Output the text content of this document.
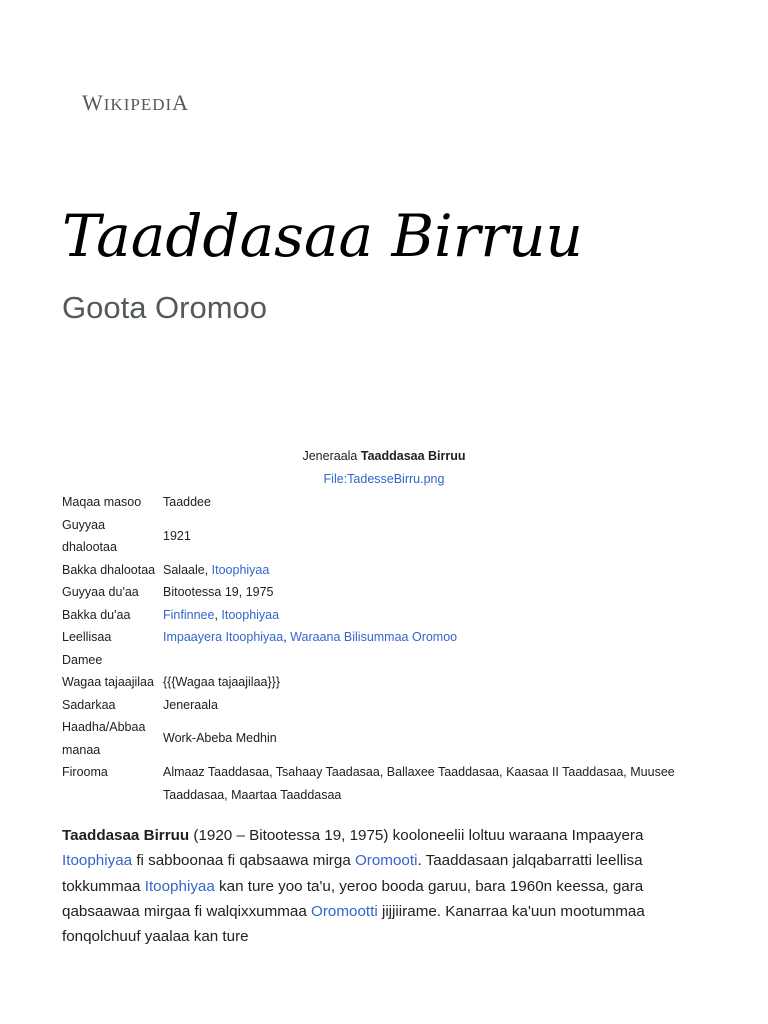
WIKIPEDIA
Taaddasaa Birruu
Goota Oromoo
Jeneraala Taaddasaa Birruu
File:TadesseBirru.png
Maqaa masoo	Taaddee
Guyyaa dhalootaa	1921
Bakka dhalootaa	Salaale, Itoophiyaa
Guyyaa du'aa	Bitootessa 19, 1975
Bakka du'aa	Finfinnee, Itoophiyaa
Leellisaa	Impaayera Itoophiyaa, Waraana Bilisummaa Oromoo
Damee	
Wagaa tajaajilaa	{{{Wagaa tajaajilaa}}}
Sadarkaa	Jeneraala
Haadha/Abbaa manaa	Work-Abeba Medhin
Firooma	Almaaz Taaddasaa, Tsahaay Taadasaa, Ballaxee Taaddasaa, Kaasaa II Taaddasaa, Muusee Taaddasaa, Maartaa Taaddasaa

Taaddasaa Birruu (1920 – Bitootessa 19, 1975) kooloneelii loltuu waraana Impaayera Itoophiyaa fi sabboonaa fi qabsaawa mirga Oromooti. Taaddasaan jalqabarratti leellisa tokkummaa Itoophiyaa kan ture yoo ta'u, yeroo booda garuu, bara 1960n keessa, gara qabsaawaa mirgaa fi walqixxummaa Oromootti jijjiirame. Kanarraa ka'uun mootummaa fonqolchuuf yaalaa kan ture
